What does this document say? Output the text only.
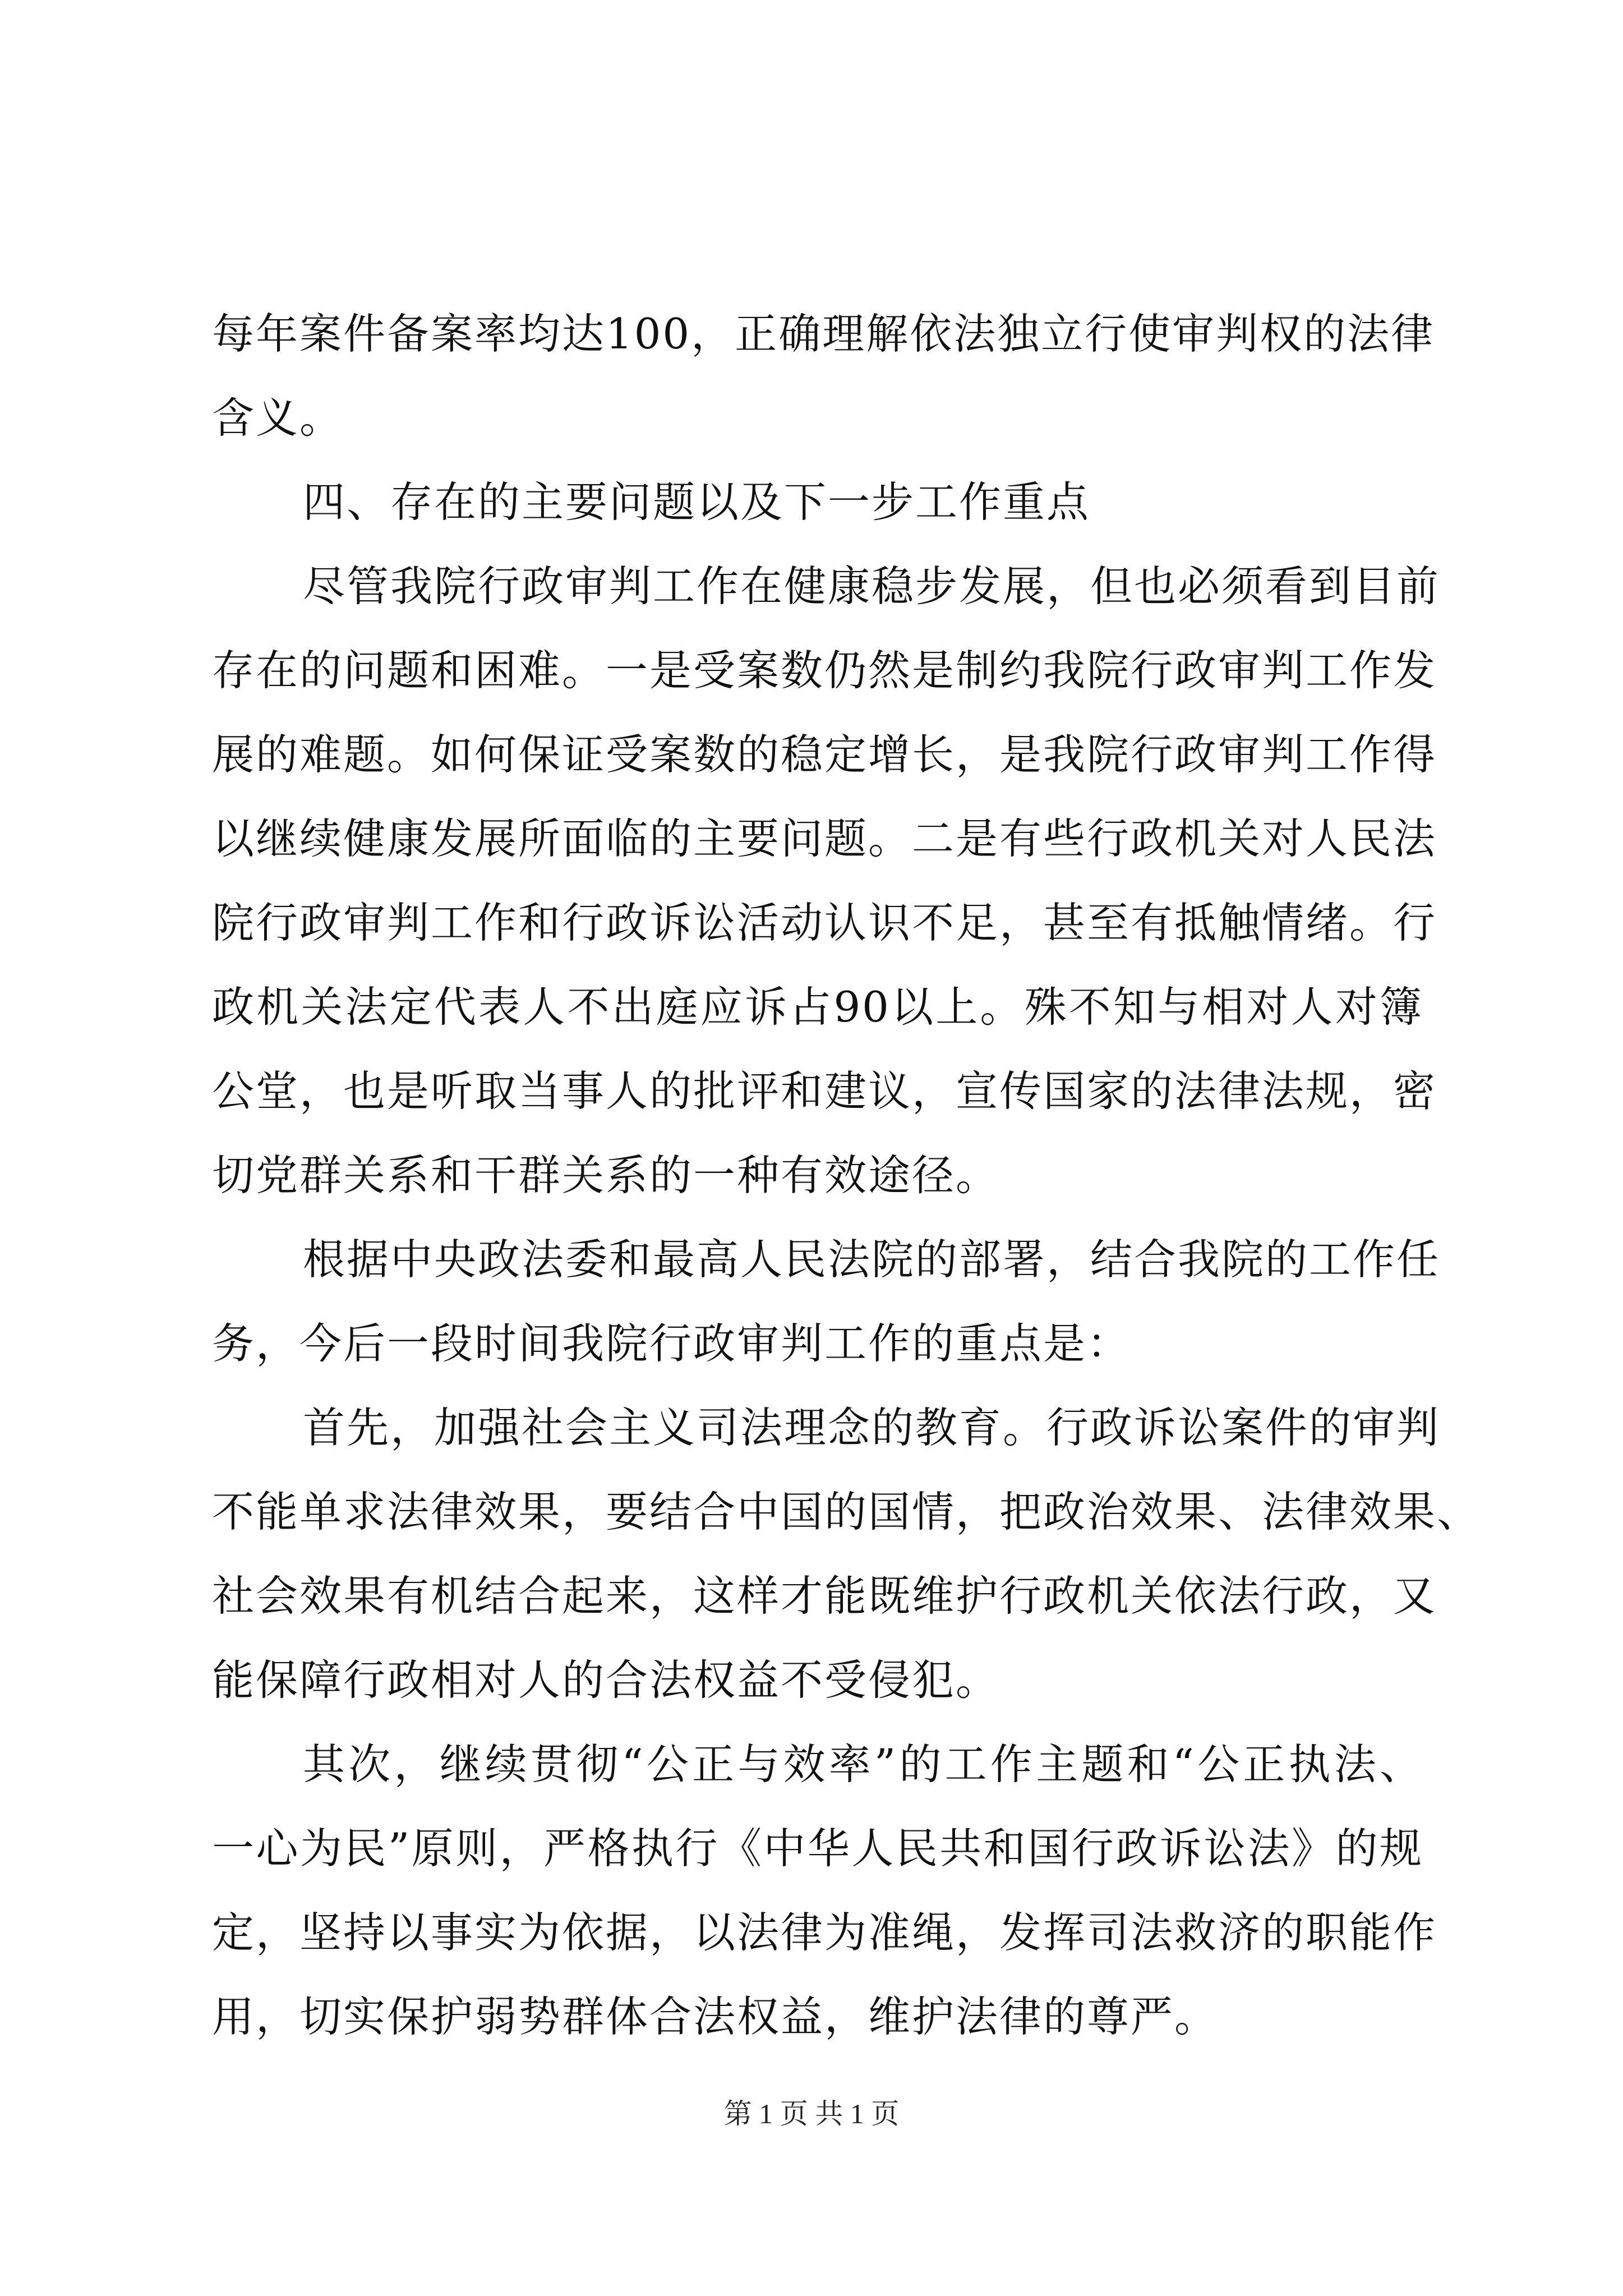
每年案件备案率均达100，正确理解依法独立行使审判权的法律
含义。
四、存在的主要问题以及下一步工作重点
尽管我院行政审判工作在健康稳步发展，但也必须看到目前
存在的问题和困难。一是受案数仍然是制约我院行政审判工作发
展的难题。如何保证受案数的稳定增长，是我院行政审判工作得
以继续健康发展所面临的主要问题。二是有些行政机关对人民法
院行政审判工作和行政诉讼活动认识不足，甚至有抵触情绪。行
政机关法定代表人不出庭应诉占90以上。殊不知与相对人对簿
公堂，也是听取当事人的批评和建议，宣传国家的法律法规，密
切党群关系和干群关系的一种有效途径。
根据中央政法委和最高人民法院的部署，结合我院的工作任
务，今后一段时间我院行政审判工作的重点是：
首先，加强社会主义司法理念的教育。行政诉讼案件的审判
不能单求法律效果，要结合中国的国情，把政治效果、法律效果、
社会效果有机结合起来，这样才能既维护行政机关依法行政，又
能保障行政相对人的合法权益不受侵犯。
其次，继续贯彻“公正与效率”的工作主题和“公正执法、
一心为民”原则，严格执行《中华人民共和国行政诉讼法》的规
定，坚持以事实为依据，以法律为准绳，发挥司法救济的职能作
用，切实保护弱势群体合法权益，维护法律的尊严。
第 1 页 共 1 页
